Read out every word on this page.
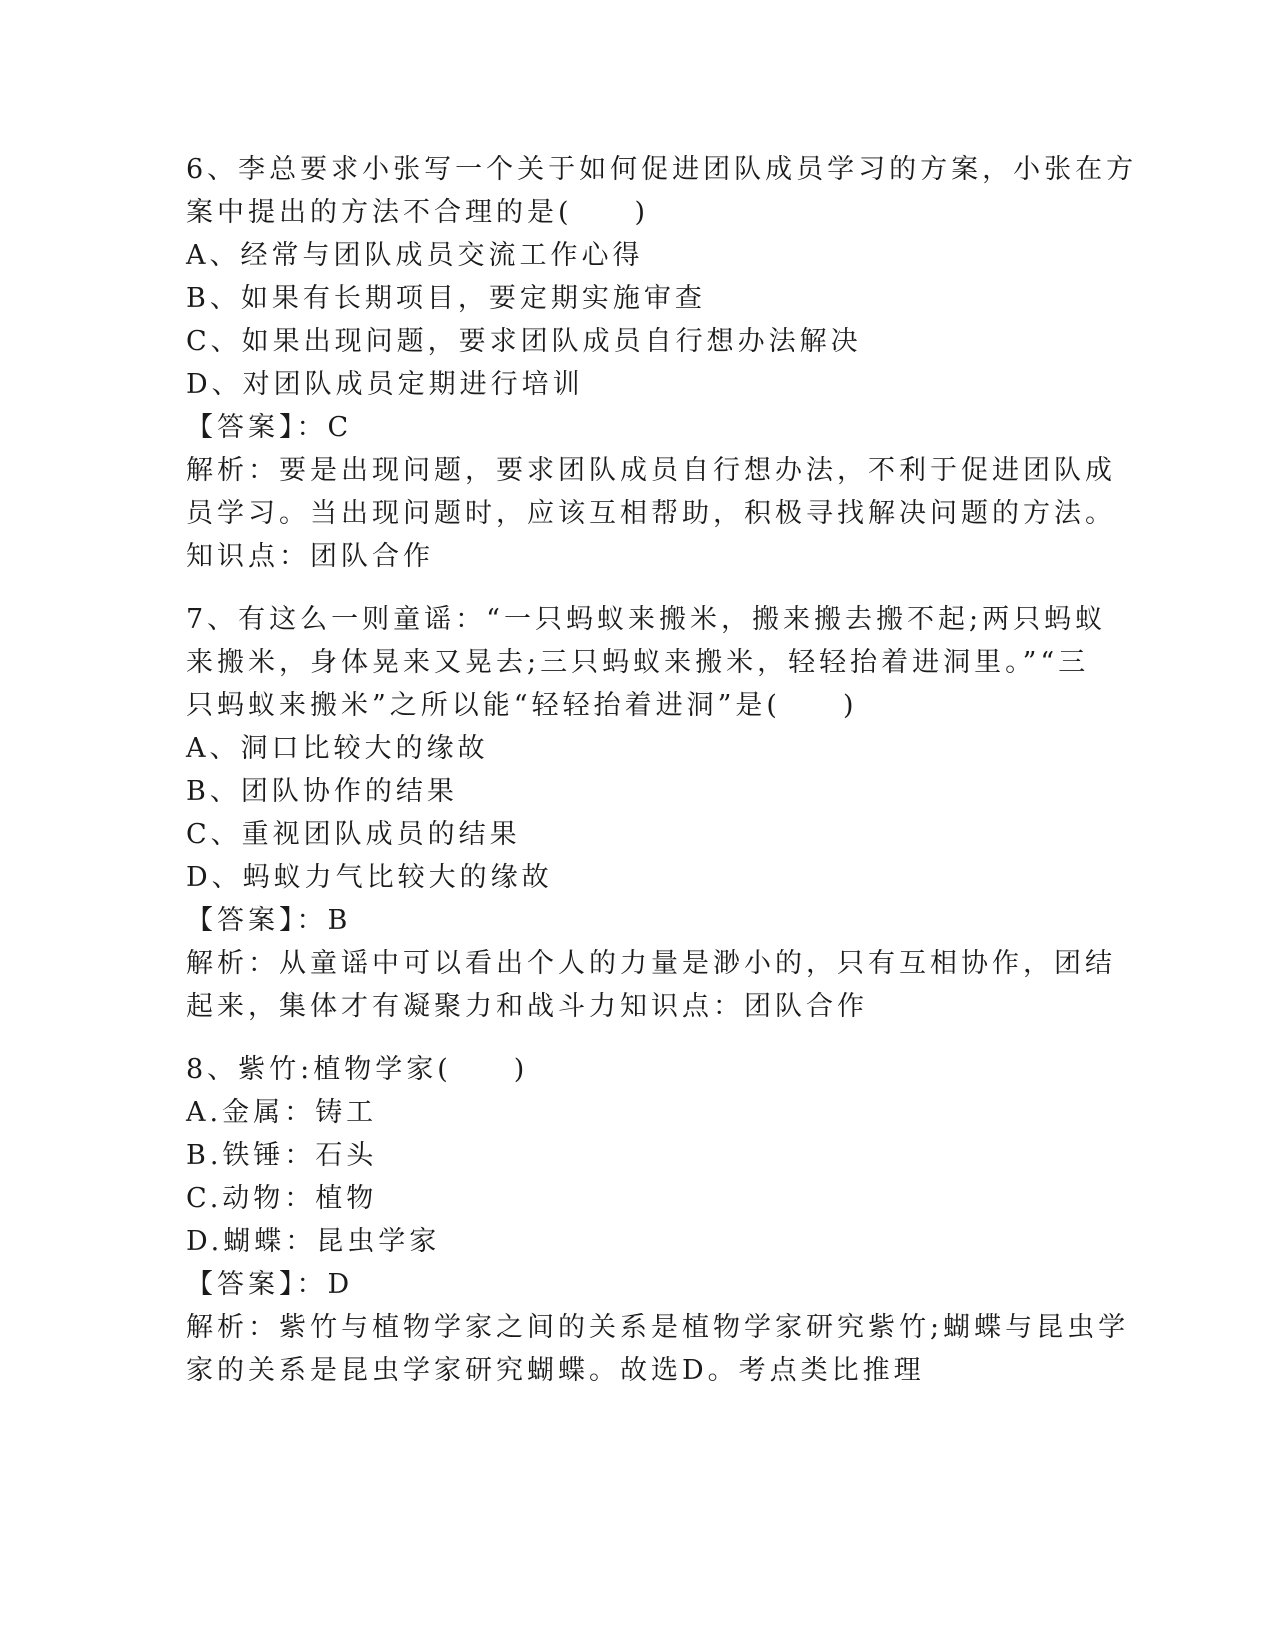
6、李总要求小张写一个关于如何促进团队成员学习的方案，小张在方
案中提出的方法不合理的是(　　)
A、经常与团队成员交流工作心得
B、如果有长期项目，要定期实施审查
C、如果出现问题，要求团队成员自行想办法解决
D、对团队成员定期进行培训
【答案】：C
解析：要是出现问题，要求团队成员自行想办法，不利于促进团队成
员学习。当出现问题时，应该互相帮助，积极寻找解决问题的方法。
知识点：团队合作
7、有这么一则童谣：“一只蚂蚁来搬米，搬来搬去搬不起;两只蚂蚁
来搬米，身体晃来又晃去;三只蚂蚁来搬米，轻轻抬着进洞里。”“三
只蚂蚁来搬米”之所以能“轻轻抬着进洞”是(　　)
A、洞口比较大的缘故
B、团队协作的结果
C、重视团队成员的结果
D、蚂蚁力气比较大的缘故
【答案】：B
解析：从童谣中可以看出个人的力量是渺小的，只有互相协作，团结
起来，集体才有凝聚力和战斗力知识点：团队合作
8、紫竹:植物学家(　　)
A.金属：铸工
B.铁锤：石头
C.动物：植物
D.蝴蝶：昆虫学家
【答案】：D
解析：紫竹与植物学家之间的关系是植物学家研究紫竹;蝴蝶与昆虫学
家的关系是昆虫学家研究蝴蝶。故选D。考点类比推理
